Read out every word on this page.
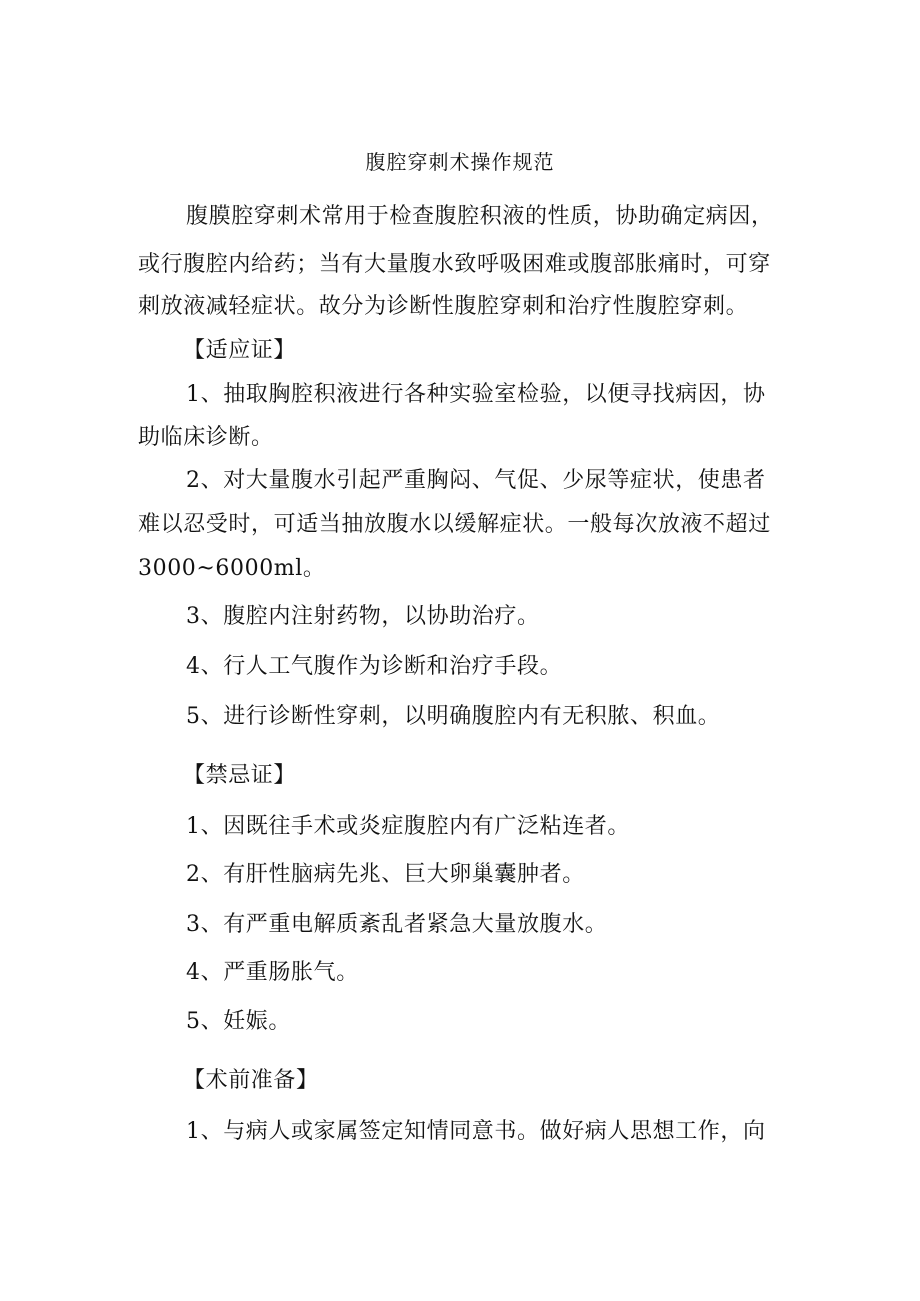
腹腔穿刺术操作规范
腹膜腔穿刺术常用于检查腹腔积液的性质，协助确定病因，
或行腹腔内给药；当有大量腹水致呼吸困难或腹部胀痛时，可穿
刺放液减轻症状。故分为诊断性腹腔穿刺和治疗性腹腔穿刺。
【适应证】
1、抽取胸腔积液进行各种实验室检验，以便寻找病因，协
助临床诊断。
2、对大量腹水引起严重胸闷、气促、少尿等症状，使患者
难以忍受时，可适当抽放腹水以缓解症状。一般每次放液不超过
3000~6000ml。
3、腹腔内注射药物，以协助治疗。
4、行人工气腹作为诊断和治疗手段。
5、进行诊断性穿刺，以明确腹腔内有无积脓、积血。
【禁忌证】
1、因既往手术或炎症腹腔内有广泛粘连者。
2、有肝性脑病先兆、巨大卵巢囊肿者。
3、有严重电解质紊乱者紧急大量放腹水。
4、严重肠胀气。
5、妊娠。
【术前准备】
1、与病人或家属签定知情同意书。做好病人思想工作，向
